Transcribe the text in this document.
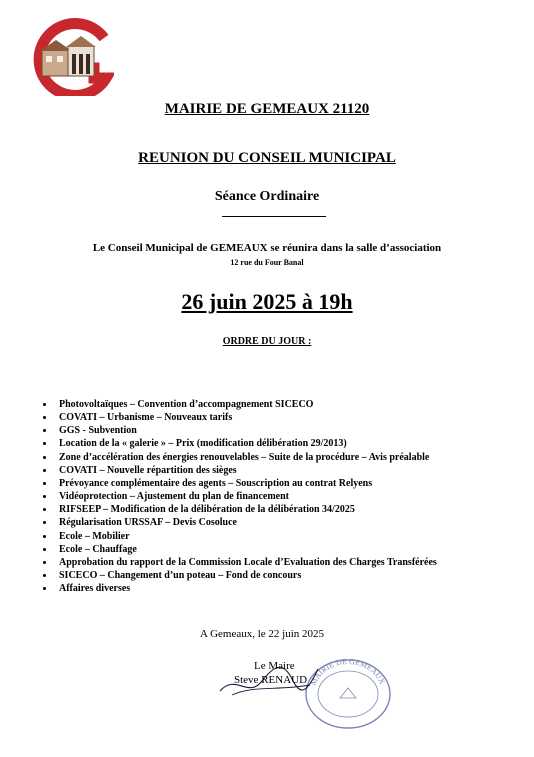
MAIRIE DE GEMEAUX 21120
REUNION DU CONSEIL MUNICIPAL
Séance Ordinaire
Le Conseil Municipal de GEMEAUX se réunira dans la salle d’association
12 rue du Four Banal
26 juin 2025 à 19h
ORDRE DU JOUR :
Photovoltaïques – Convention d’accompagnement SICECO
COVATI – Urbanisme – Nouveaux tarifs
GGS - Subvention
Location de la « galerie » – Prix (modification délibération 29/2013)
Zone d’accélération des énergies renouvelables – Suite de la procédure – Avis préalable
COVATI – Nouvelle répartition des sièges
Prévoyance complémentaire des agents – Souscription au contrat Relyens
Vidéoprotection – Ajustement du plan de financement
RIFSEEP – Modification de la délibération de la délibération 34/2025
Régularisation URSSAF – Devis Cosoluce
Ecole – Mobilier
Ecole – Chauffage
Approbation du rapport de la Commission Locale d’Evaluation des Charges Transférées
SICECO – Changement d’un poteau – Fond de concours
Affaires diverses
A Gemeaux, le 22 juin 2025
MAIRIE DE GEMEAUX
Le Maire
Steve RENAUD
